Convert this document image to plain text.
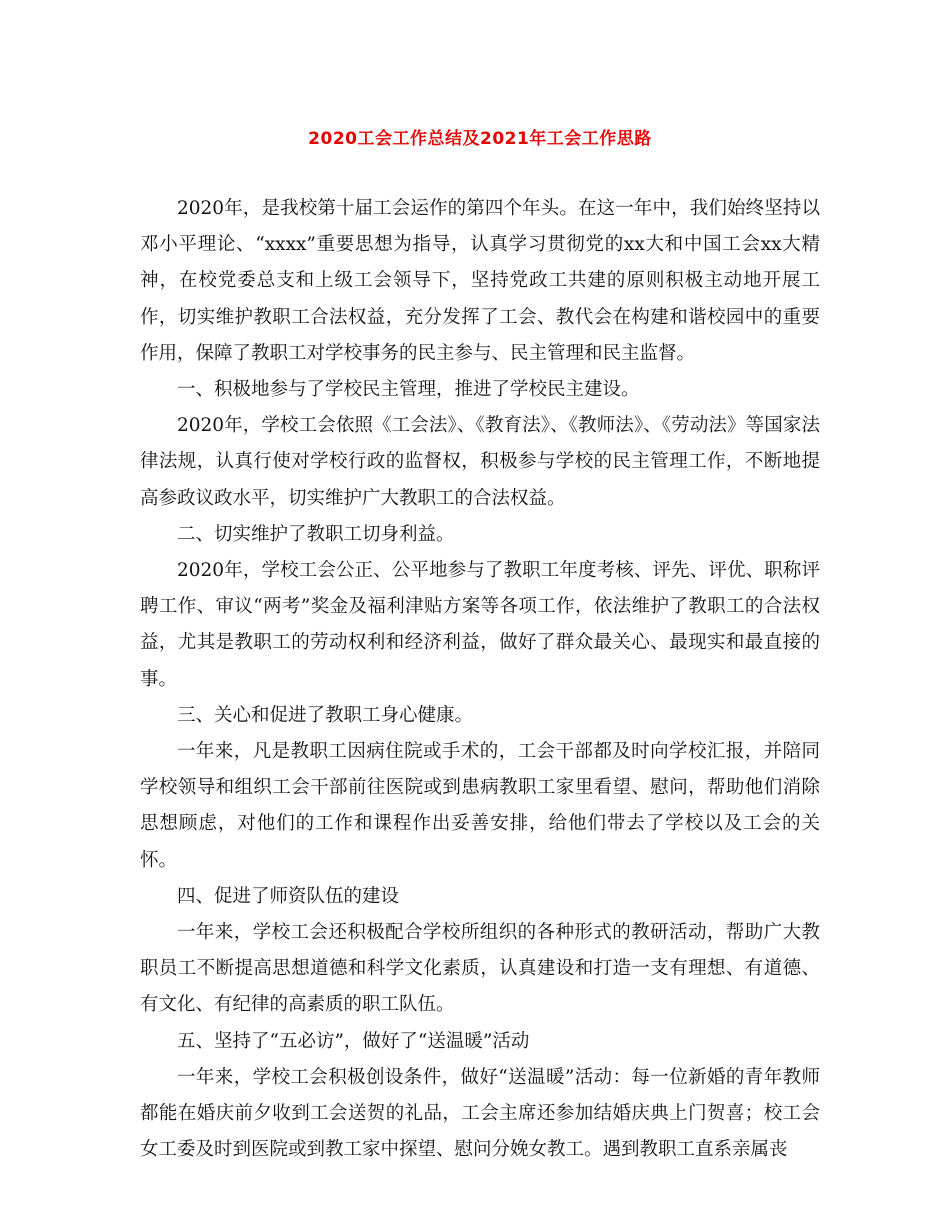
2020工会工作总结及2021年工会工作思路

2020年，是我校第十届工会运作的第四个年头。在这一年中，我们始终坚持以邓小平理论、“xxxx”重要思想为指导，认真学习贯彻党的xx大和中国工会xx大精神，在校党委总支和上级工会领导下，坚持党政工共建的原则积极主动地开展工作，切实维护教职工合法权益，充分发挥了工会、教代会在构建和谐校园中的重要作用，保障了教职工对学校事务的民主参与、民主管理和民主监督。

一、积极地参与了学校民主管理，推进了学校民主建设。

2020年，学校工会依照《工会法》、《教育法》、《教师法》、《劳动法》等国家法律法规，认真行使对学校行政的监督权，积极参与学校的民主管理工作，不断地提高参政议政水平，切实维护广大教职工的合法权益。

二、切实维护了教职工切身利益。

2020年，学校工会公正、公平地参与了教职工年度考核、评先、评优、职称评聘工作、审议“两考”奖金及福利津贴方案等各项工作，依法维护了教职工的合法权益，尤其是教职工的劳动权利和经济利益，做好了群众最关心、最现实和最直接的事。

三、关心和促进了教职工身心健康。

一年来，凡是教职工因病住院或手术的，工会干部都及时向学校汇报，并陪同学校领导和组织工会干部前往医院或到患病教职工家里看望、慰问，帮助他们消除思想顾虑，对他们的工作和课程作出妥善安排，给他们带去了学校以及工会的关怀。

四、促进了师资队伍的建设

一年来，学校工会还积极配合学校所组织的各种形式的教研活动，帮助广大教职员工不断提高思想道德和科学文化素质，认真建设和打造一支有理想、有道德、有文化、有纪律的高素质的职工队伍。

五、坚持了“五必访”，做好了“送温暖”活动

一年来，学校工会积极创设条件，做好“送温暖”活动：每一位新婚的青年教师都能在婚庆前夕收到工会送贺的礼品，工会主席还参加结婚庆典上门贺喜；校工会女工委及时到医院或到教工家中探望、慰问分娩女教工。遇到教职工直系亲属丧
